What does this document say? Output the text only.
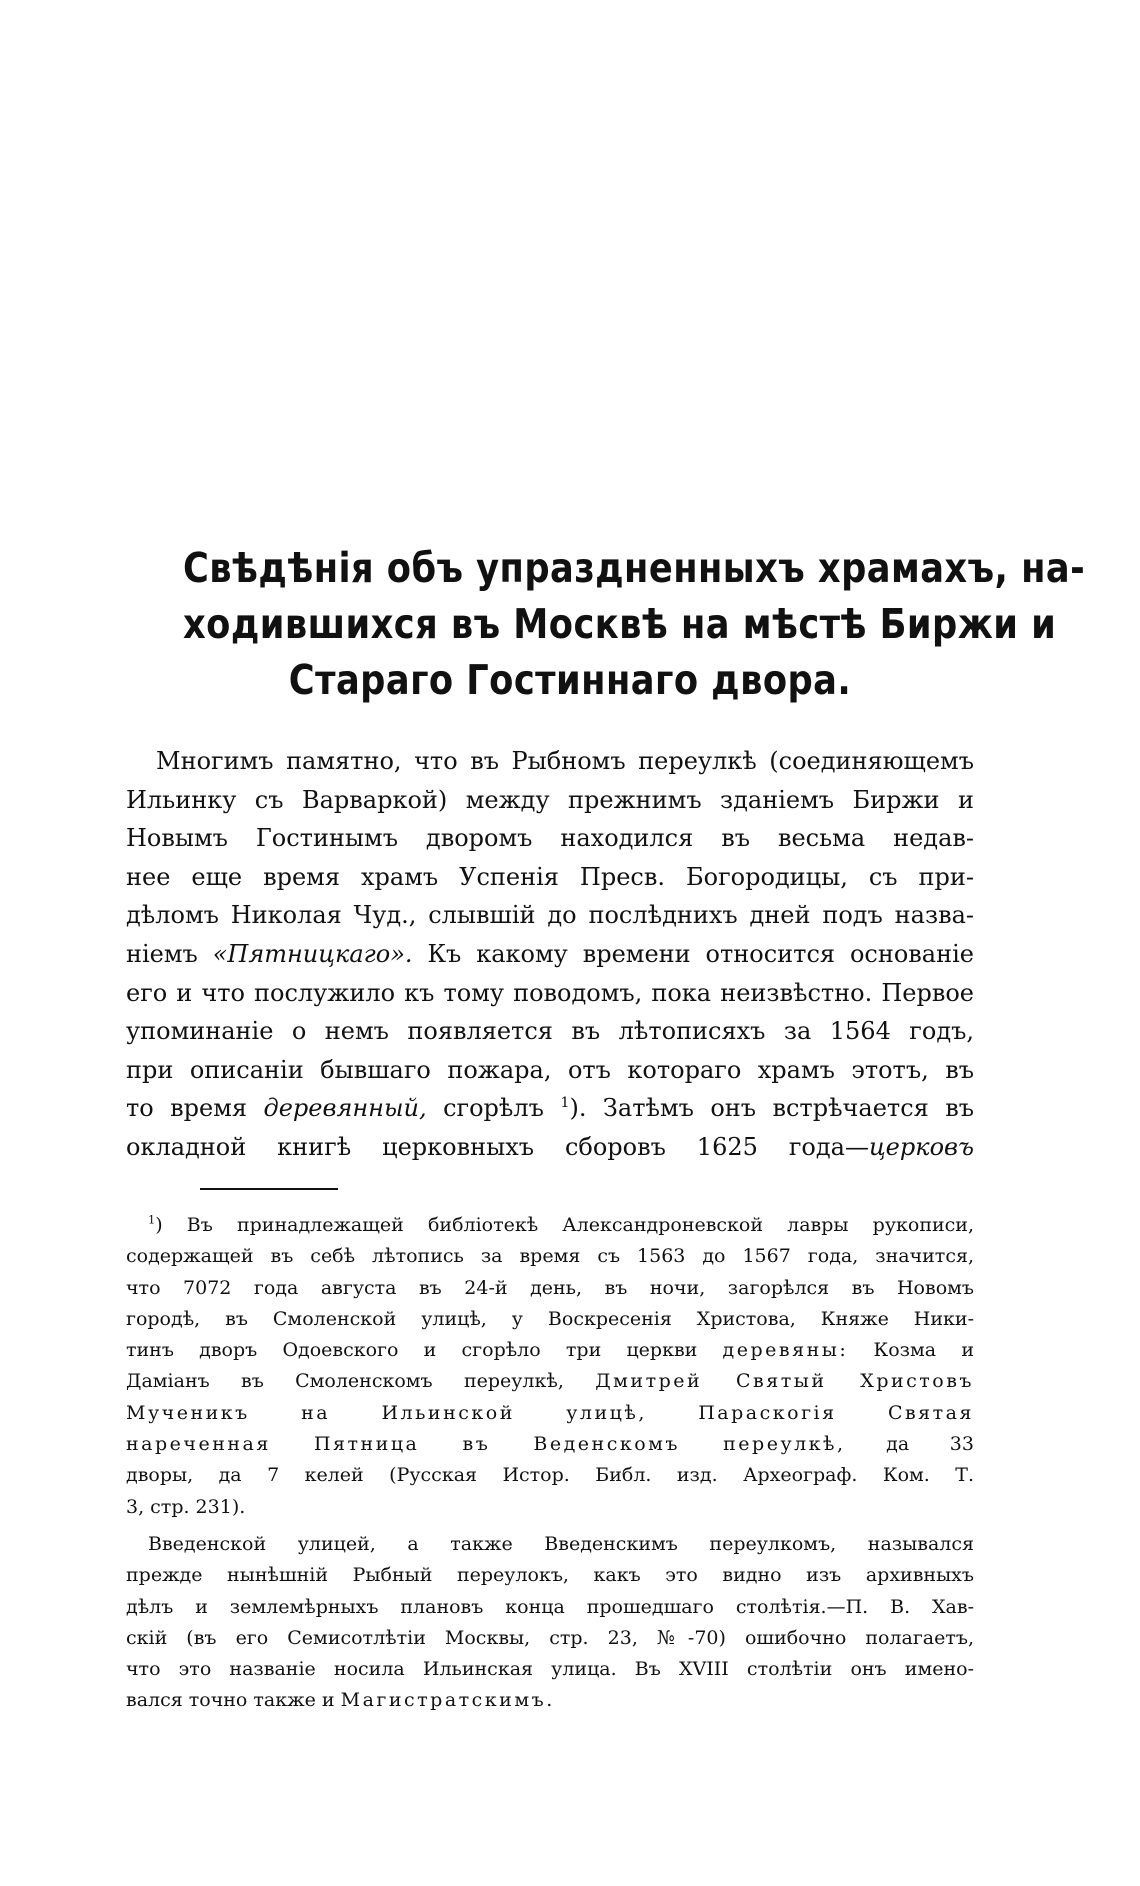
Свѣдѣнія объ упраздненныхъ храмахъ, на-
ходившихся въ Москвѣ на мѣстѣ Биржи и
Стараго Гостиннаго двора.
Многимъ памятно, что въ Рыбномъ переулкѣ (соединяющемъ
Ильинку съ Варваркой) между прежнимъ зданіемъ Биржи и
Новымъ Гостинымъ дворомъ находился въ весьма недав-
нее еще время храмъ Успенія Пресв. Богородицы, съ при-
дѣломъ Николая Чуд., слывшій до послѣднихъ дней подъ назва-
ніемъ «Пятницкаго». Къ какому времени относится основаніе
его и что послужило къ тому поводомъ, пока неизвѣстно. Первое
упоминаніе о немъ появляется въ лѣтописяхъ за 1564 годъ,
при описаніи бывшаго пожара, отъ котораго храмъ этотъ, въ
то время деревянный, сгорѣлъ $^1$). Затѣмъ онъ встрѣчается въ
окладной книгѣ церковныхъ сборовъ 1625 года—церковъ
$^1$) Въ принадлежащей библіотекѣ Александроневской лавры рукописи,
содержащей въ себѣ лѣтопись за время съ 1563 до 1567 года, значится,
что 7072 года августа въ 24-й день, въ ночи, загорѣлся въ Новомъ
городѣ, въ Смоленской улицѣ, у Воскресенія Христова, Княже Ники-
тинъ дворъ Одоевского и сгорѣло три церкви деревяны: Козма и
Даміанъ въ Смоленскомъ переулкѣ, Дмитрей Святый Христовъ
Мученикъ на Ильинской улицѣ, Параскогія Святая
нареченная Пятница въ Веденскомъ переулкѣ, да 33
дворы, да 7 келей (Русская Истор. Библ. изд. Археограф. Ком. Т.
3, стр. 231).
Введенской улицей, а также Введенскимъ переулкомъ, назывался
прежде нынѣшній Рыбный переулокъ, какъ это видно изъ архивныхъ
дѣлъ и землемѣрныхъ плановъ конца прошедшаго столѣтія.—П. В. Хав-
скій (въ его Семисотлѣтіи Москвы, стр. 23, №-70) ошибочно полагаетъ,
что это названіе носила Ильинская улица. Въ XVIII столѣтіи онъ имено-
вался точно также и Магистратскимъ.
